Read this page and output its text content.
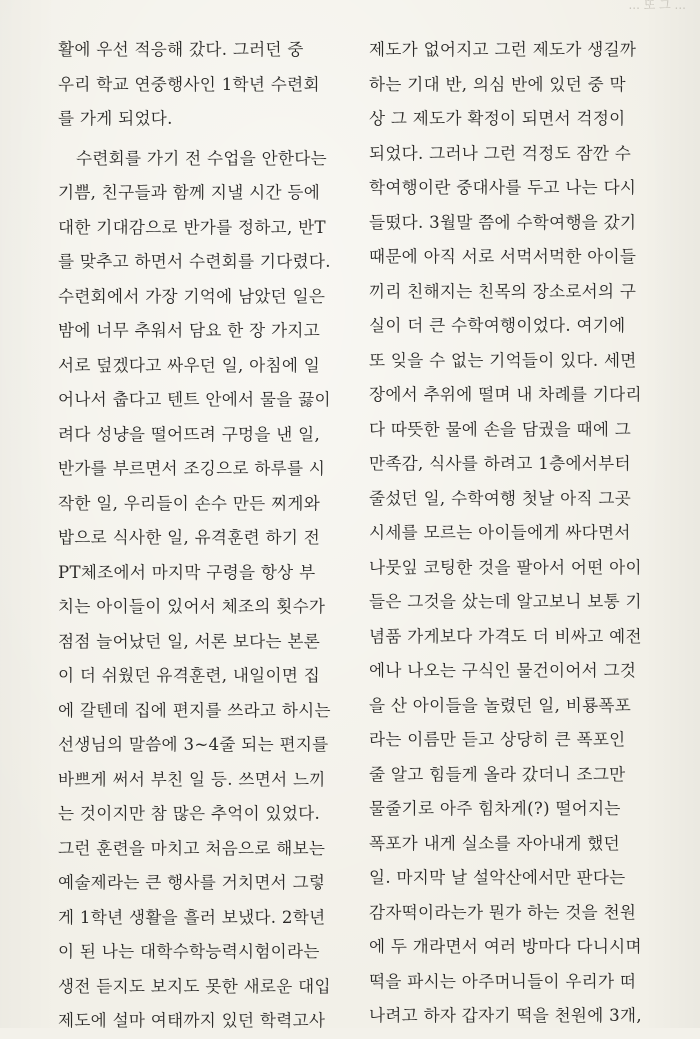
... 또 그 ...
활에 우선 적응해 갔다. 그러던 중
우리 학교 연중행사인 1학년 수련회
를 가게 되었다.
수련회를 가기 전 수업을 안한다는
기쁨, 친구들과 함께 지낼 시간 등에
대한 기대감으로 반가를 정하고, 반T
를 맞추고 하면서 수련회를 기다렸다.
수련회에서 가장 기억에 남았던 일은
밤에 너무 추워서 담요 한 장 가지고
서로 덮겠다고 싸우던 일, 아침에 일
어나서 춥다고 텐트 안에서 물을 끓이
려다 성냥을 떨어뜨려 구멍을 낸 일,
반가를 부르면서 조깅으로 하루를 시
작한 일, 우리들이 손수 만든 찌게와
밥으로 식사한 일, 유격훈련 하기 전
PT체조에서 마지막 구령을 항상 부
치는 아이들이 있어서 체조의 횟수가
점점 늘어났던 일, 서론 보다는 본론
이 더 쉬웠던 유격훈련, 내일이면 집
에 갈텐데 집에 편지를 쓰라고 하시는
선생님의 말씀에 3~4줄 되는 편지를
바쁘게 써서 부친 일 등. 쓰면서 느끼
는 것이지만 참 많은 추억이 있었다.
그런 훈련을 마치고 처음으로 해보는
예술제라는 큰 행사를 거치면서 그렇
게 1학년 생활을 흘러 보냈다. 2학년
이 된 나는 대학수학능력시험이라는
생전 듣지도 보지도 못한 새로운 대입
제도에 설마 여태까지 있던 학력고사
제도가 없어지고 그런 제도가 생길까
하는 기대 반, 의심 반에 있던 중 막
상 그 제도가 확정이 되면서 걱정이
되었다. 그러나 그런 걱정도 잠깐 수
학여행이란 중대사를 두고 나는 다시
들떴다. 3월말 쯤에 수학여행을 갔기
때문에 아직 서로 서먹서먹한 아이들
끼리 친해지는 친목의 장소로서의 구
실이 더 큰 수학여행이었다. 여기에
또 잊을 수 없는 기억들이 있다. 세면
장에서 추위에 떨며 내 차례를 기다리
다 따뜻한 물에 손을 담궜을 때에 그
만족감, 식사를 하려고 1층에서부터
줄섰던 일, 수학여행 첫날 아직 그곳
시세를 모르는 아이들에게 싸다면서
나뭇잎 코팅한 것을 팔아서 어떤 아이
들은 그것을 샀는데 알고보니 보통 기
념품 가게보다 가격도 더 비싸고 예전
에나 나오는 구식인 물건이어서 그것
을 산 아이들을 놀렸던 일, 비룡폭포
라는 이름만 듣고 상당히 큰 폭포인
줄 알고 힘들게 올라 갔더니 조그만
물줄기로 아주 힘차게(?) 떨어지는
폭포가 내게 실소를 자아내게 했던
일. 마지막 날 설악산에서만 판다는
감자떡이라는가 뭔가 하는 것을 천원
에 두 개라면서 여러 방마다 다니시며
떡을 파시는 아주머니들이 우리가 떠
나려고 하자 갑자기 떡을 천원에 3개,
